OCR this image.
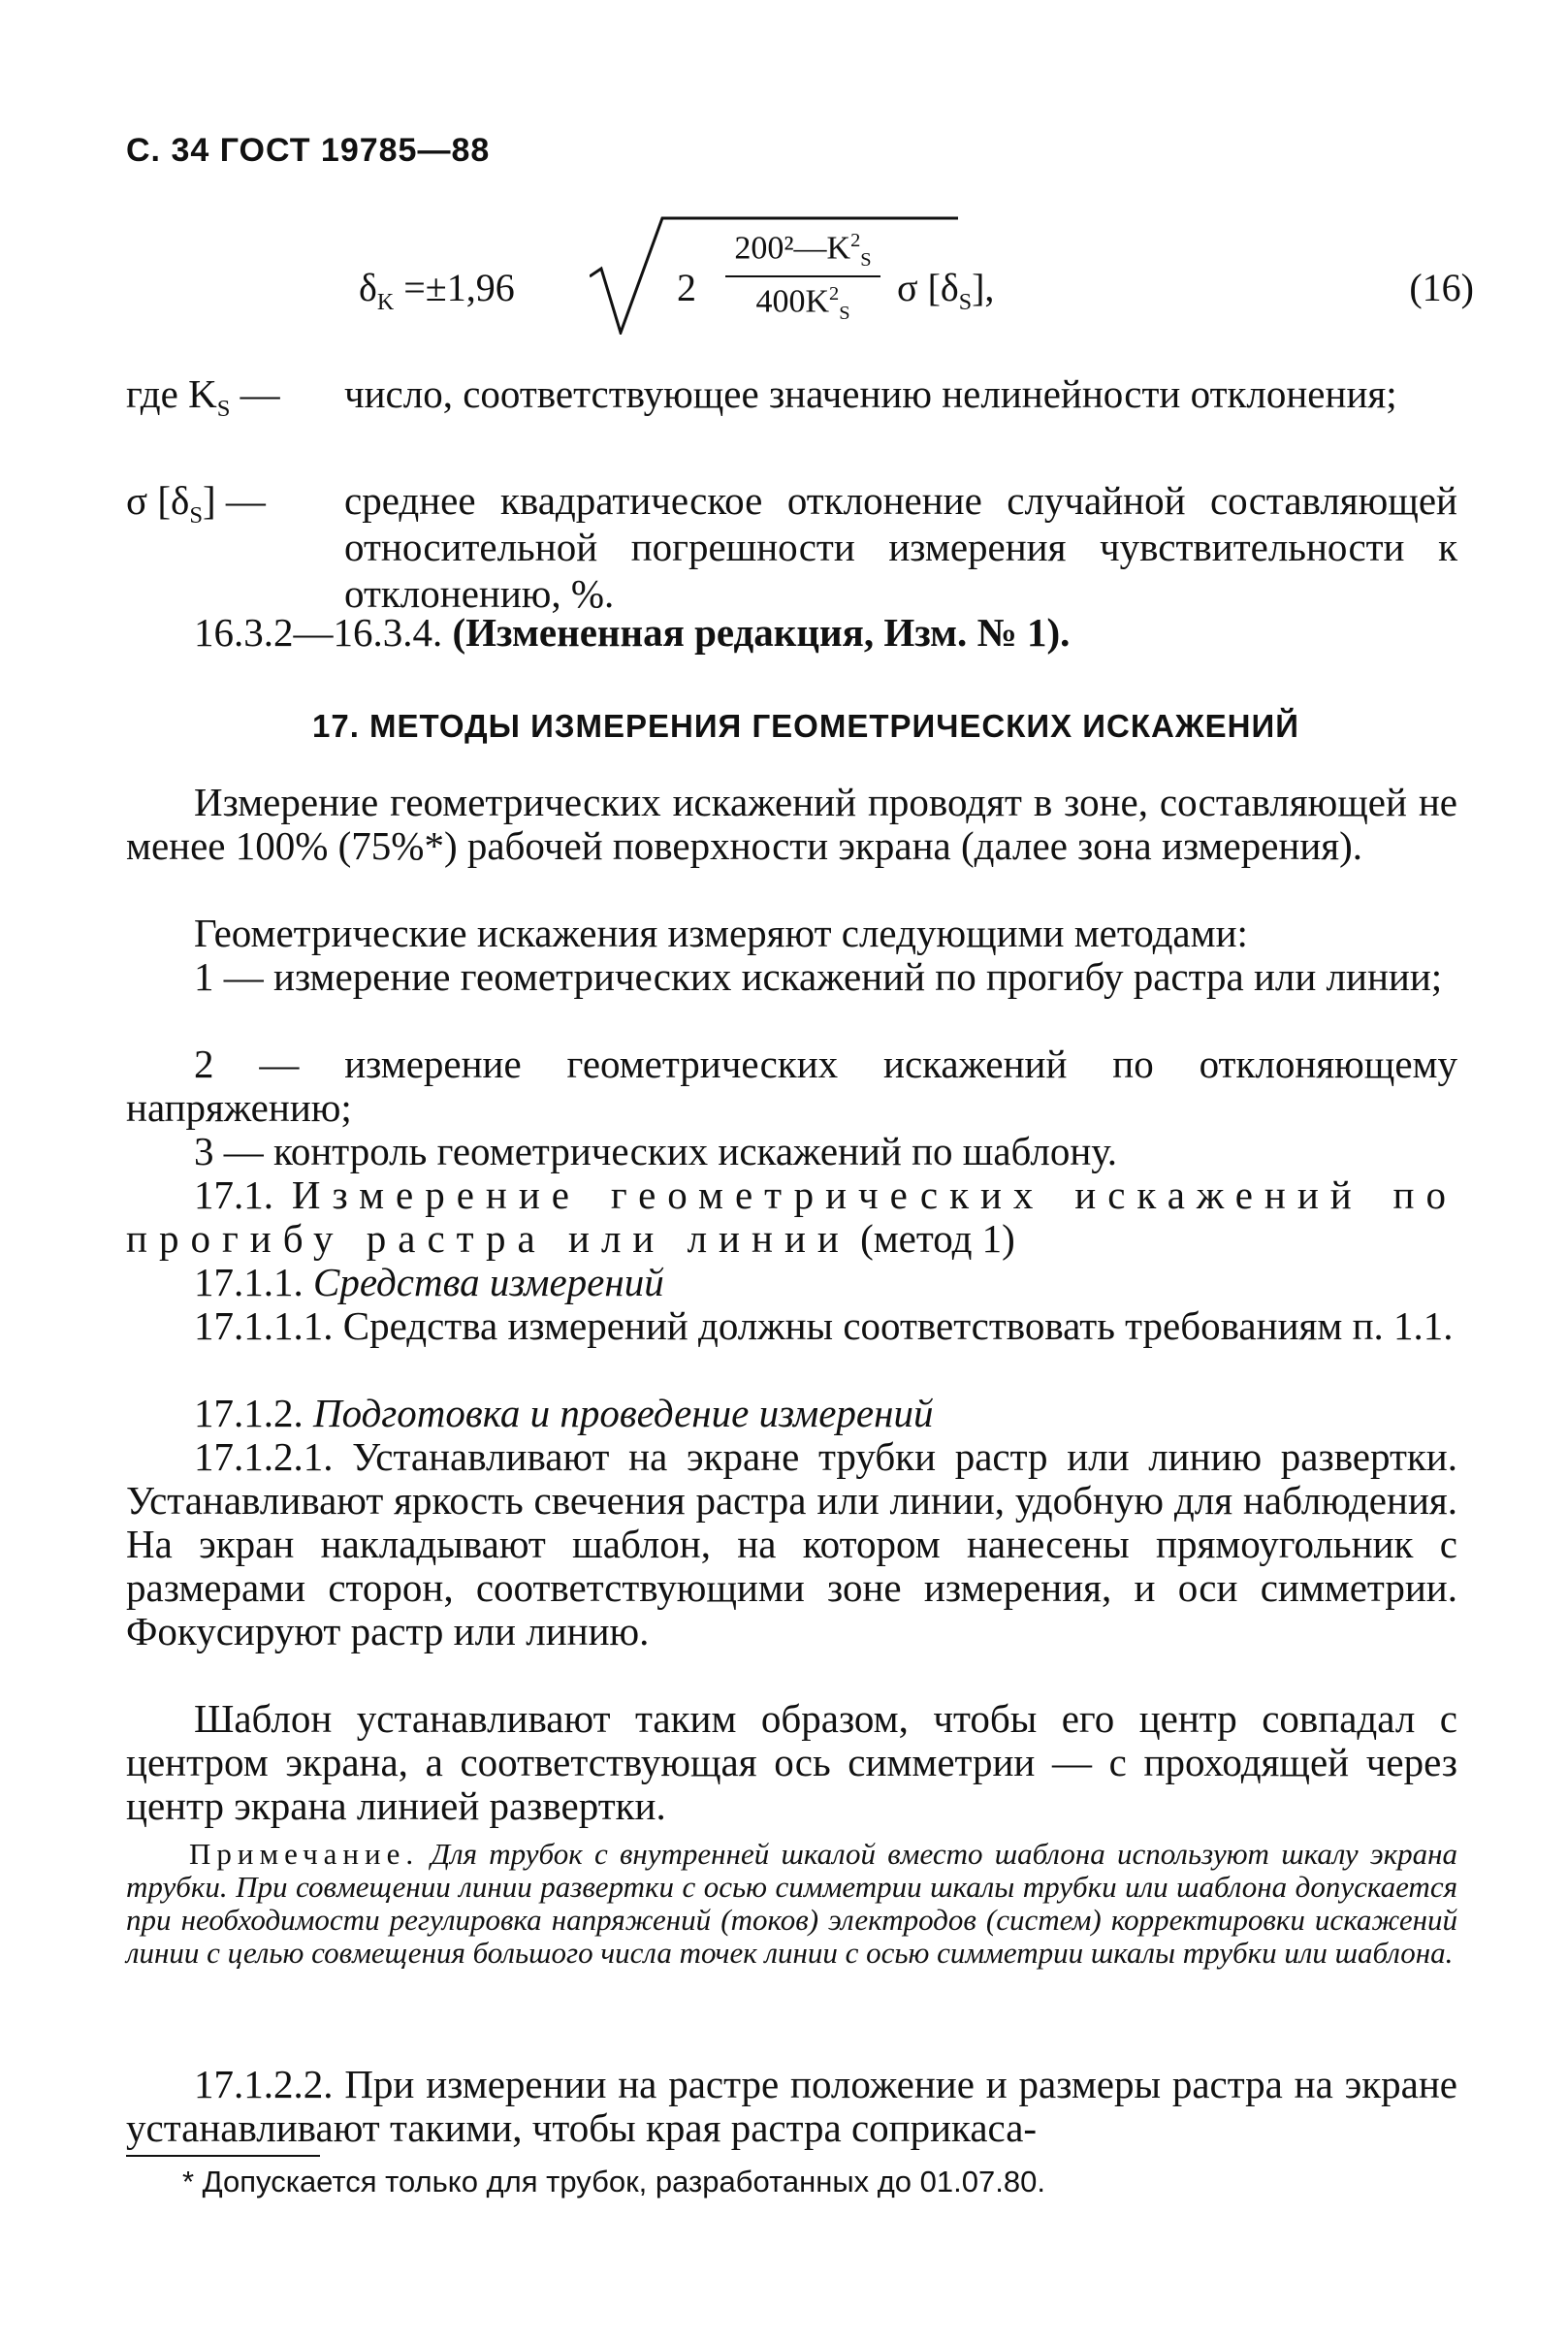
С. 34 ГОСТ 19785—88
$\delta_K =\pm 1,96$	$2 \frac{200^2—K^2_S}{400K^2_S}$ σ $[\delta_S]$,	(16)
где $K_S$ — число, соответствующее значению нелинейности отклонения;
σ $[\delta_S]$ — среднее квадратическое отклонение случайной составляющей относительной погрешности измерения чувствительности к отклонению, %.
16.3.2—16.3.4. (Измененная редакция, Изм. № 1).
17. МЕТОДЫ ИЗМЕРЕНИЯ ГЕОМЕТРИЧЕСКИХ ИСКАЖЕНИЙ
Измерение геометрических искажений проводят в зоне, составляющей не менее 100% (75%*) рабочей поверхности экрана (далее зона измерения).
Геометрические искажения измеряют следующими методами:
1 — измерение геометрических искажений по прогибу растра или линии;
2 — измерение геометрических искажений по отклоняющему напряжению;
3 — контроль геометрических искажений по шаблону.
17.1. Измерение геометрических искажений по прогибу растра или линии (метод 1)
17.1.1. Средства измерений
17.1.1.1. Средства измерений должны соответствовать требованиям п. 1.1.
17.1.2. Подготовка и проведение измерений
17.1.2.1. Устанавливают на экране трубки растр или линию развертки. Устанавливают яркость свечения растра или линии, удобную для наблюдения. На экран накладывают шаблон, на котором нанесены прямоугольник с размерами сторон, соответствующими зоне измерения, и оси симметрии. Фокусируют растр или линию.
Шаблон устанавливают таким образом, чтобы его центр совпадал с центром экрана, а соответствующая ось симметрии — с проходящей через центр экрана линией развертки.
Примечание. Для трубок с внутренней шкалой вместо шаблона используют шкалу экрана трубки. При совмещении линии развертки с осью симметрии шкалы трубки или шаблона допускается при необходимости регулировка напряжений (токов) электродов (систем) корректировки искажений линии с целью совмещения большого числа точек линии с осью симметрии шкалы трубки или шаблона.
17.1.2.2. При измерении на растре положение и размеры растра на экране устанавливают такими, чтобы края растра соприкаса-
* Допускается только для трубок, разработанных до 01.07.80.
